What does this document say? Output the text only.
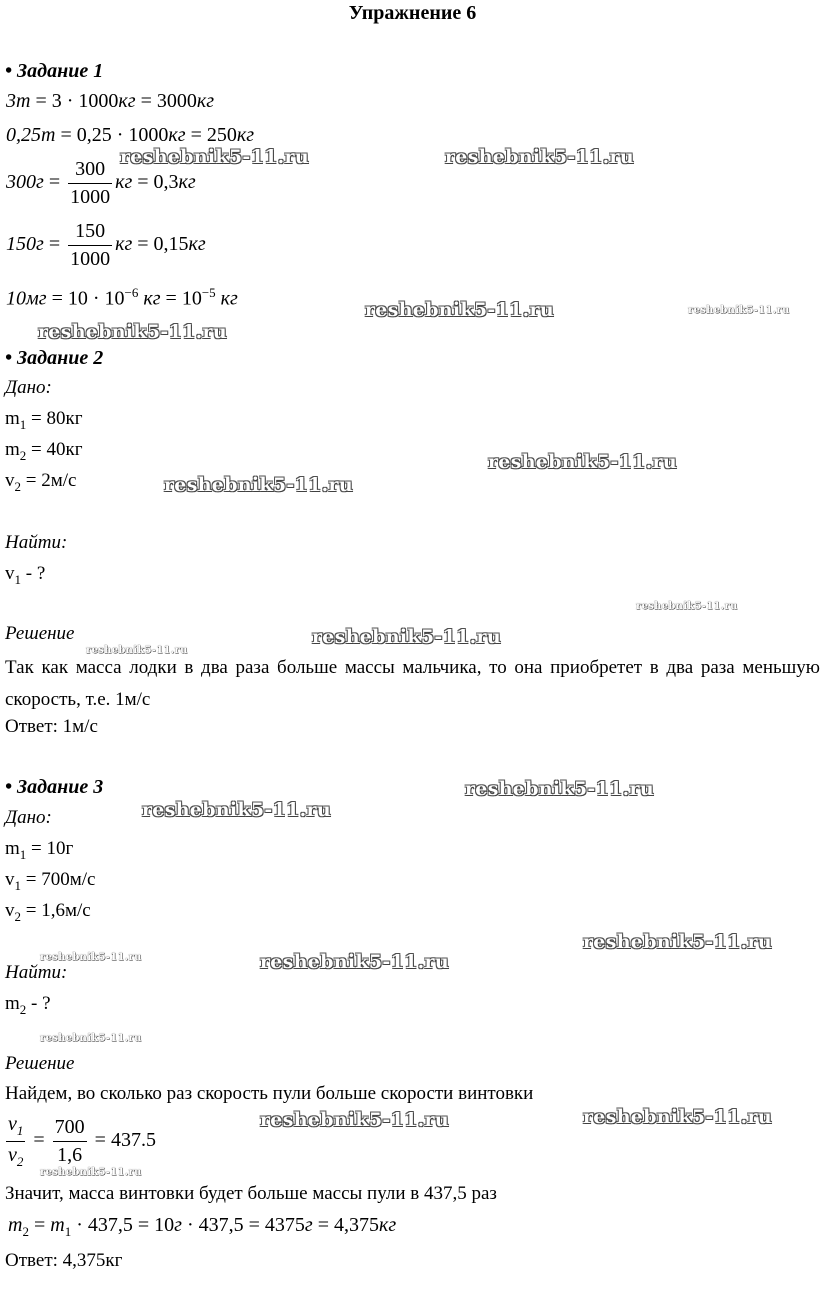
Упражнение 6
• Задание 1
3m = 3 · 1000кг = 3000кг
0,25m = 0,25 · 1000кг = 250кг
$300г = \frac{300}{1000}$ кг = 0,3кг
$150г = \frac{150}{1000}$ кг = 0,15кг
$10мг = 10 \cdot 10^{-6}$ кг = $10^{-5}$ кг
• Задание 2
Дано:
$m_1 = 80кг$
$m_2 = 40кг$
$v_2 = 2м/с$
Найти:
$v_1$ - ?
Решение
Так как масса лодки в два раза больше массы мальчика, то она приобретет в два раза меньшую скорость, т.е. 1м/с
Ответ: 1м/с
• Задание 3
Дано:
$m_1 = 10г$
$v_1 = 700м/с$
$v_2 = 1,6м/с$
Найти:
$m_2$ - ?
Решение
Найдем, во сколько раз скорость пули больше скорости винтовки
$\frac{v_1}{v_2} = \frac{700}{1,6} = 437.5$
Значит, масса винтовки будет больше массы пули в 437,5 раз
$m_2 = m_1 \cdot 437,5 = 10г \cdot 437,5 = 4375г = 4,375кг$
Ответ: 4,375кг
reshebnik5-11.ru	reshebnik5-11.ru
reshebnik5-11.ru	reshebnik5-11.ru
reshebnik5-11.ru
reshebnik5-11.ru
reshebnik5-11.ru
reshebnik5-11.ru
reshebnik5-11.ru
reshebnik5-11.ru
reshebnik5-11.ru
reshebnik5-11.ru
reshebnik5-11.ru
reshebnik5-11.ru	reshebnik5-11.ru
reshebnik5-11.ru
reshebnik5-11.ru	reshebnik5-11.ru
reshebnik5-11.ru
